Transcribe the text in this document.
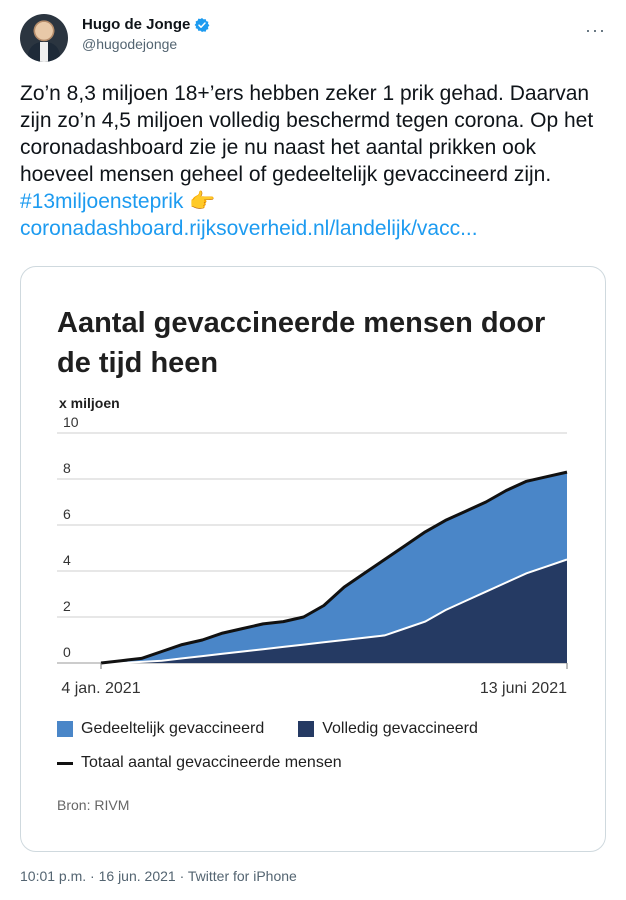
Hugo de Jonge
@hugodejonge
···

Zo’n 8,3 miljoen 18+’ers hebben zeker 1 prik gehad. Daarvan zijn zo’n 4,5 miljoen volledig beschermd tegen corona. Op het coronadashboard zie je nu naast het aantal prikken ook hoeveel mensen geheel of gedeeltelijk gevaccineerd zijn. #13miljoensteprik 👉
coronadashboard.rijksoverheid.nl/landelijk/vacc...

Aantal gevaccineerde mensen door de tijd heen
x miljoen
0
2
4
6
8
10
4 jan. 2021	13 juni 2021
Gedeeltelijk gevaccineerd	Volledig gevaccineerd
Totaal aantal gevaccineerde mensen
Bron: RIVM
10:01 p.m. · 16 jun. 2021 · Twitter for iPhone
